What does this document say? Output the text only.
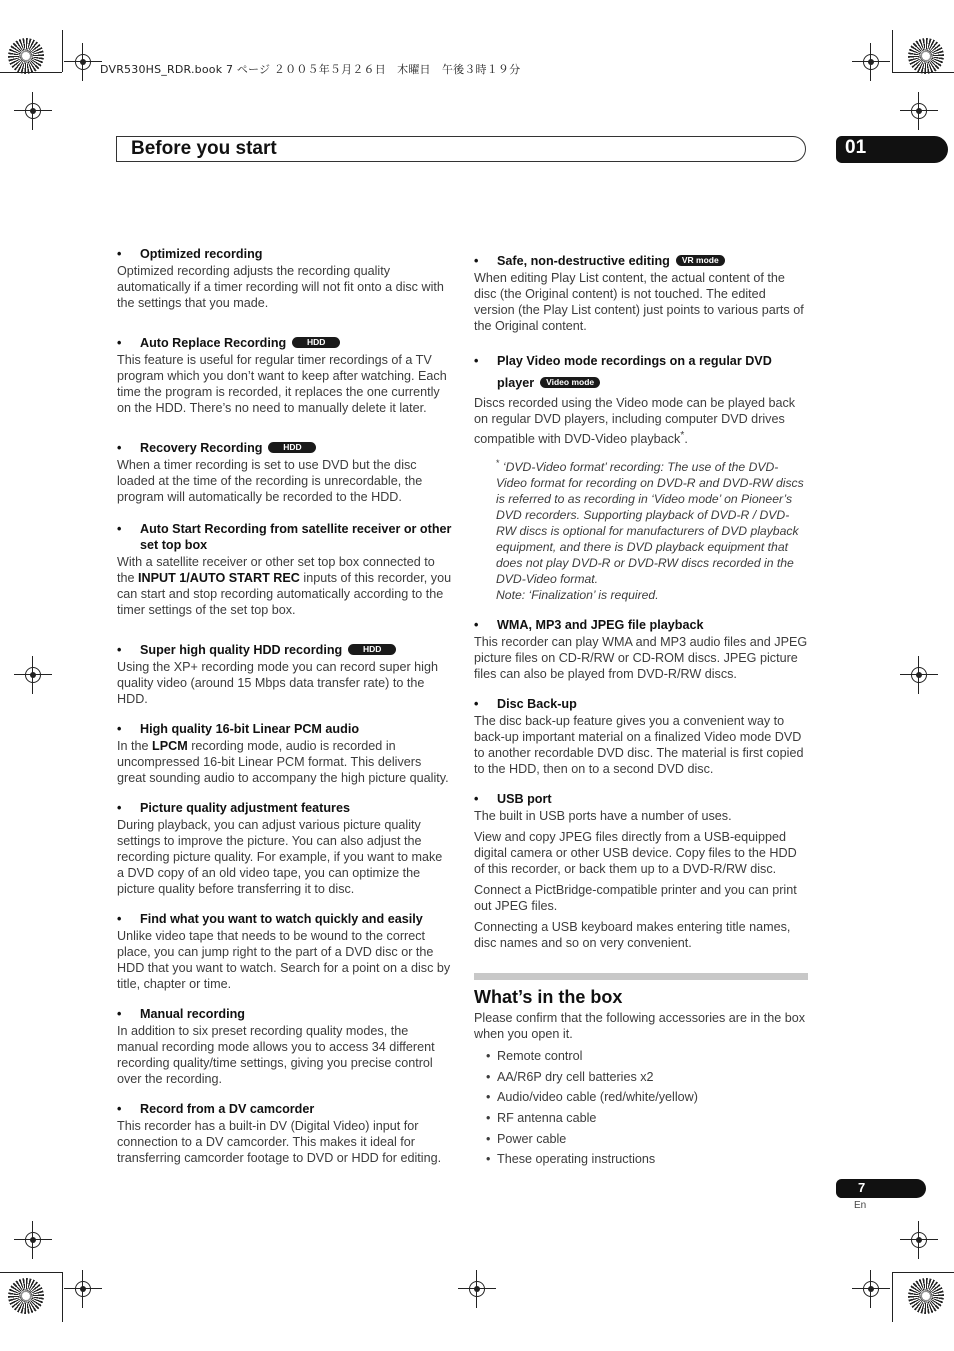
DVR530HS_RDR.book 7 ページ ２００５年５月２６日　木曜日　午後３時１９分
Before you start	01
• Optimized recording
Optimized recording adjusts the recording quality automatically if a timer recording will not fit onto a disc with the settings that you made.
• Auto Replace Recording HDD
This feature is useful for regular timer recordings of a TV program which you don’t want to keep after watching. Each time the program is recorded, it replaces the one currently on the HDD. There’s no need to manually delete it later.
• Recovery Recording HDD
When a timer recording is set to use DVD but the disc loaded at the time of the recording is unrecordable, the program will automatically be recorded to the HDD.
• Auto Start Recording from satellite receiver or other set top box
With a satellite receiver or other set top box connected to the INPUT 1/AUTO START REC inputs of this recorder, you can start and stop recording automatically according to the timer settings of the set top box.
• Super high quality HDD recording HDD
Using the XP+ recording mode you can record super high quality video (around 15 Mbps data transfer rate) to the HDD.
• High quality 16-bit Linear PCM audio
In the LPCM recording mode, audio is recorded in uncompressed 16-bit Linear PCM format. This delivers great sounding audio to accompany the high picture quality.
• Picture quality adjustment features
During playback, you can adjust various picture quality settings to improve the picture. You can also adjust the recording picture quality. For example, if you want to make a DVD copy of an old video tape, you can optimize the picture quality before transferring it to disc.
• Find what you want to watch quickly and easily
Unlike video tape that needs to be wound to the correct place, you can jump right to the part of a DVD disc or the HDD that you want to watch. Search for a point on a disc by title, chapter or time.
• Manual recording
In addition to six preset recording quality modes, the manual recording mode allows you to access 34 different recording quality/time settings, giving you precise control over the recording.
• Record from a DV camcorder
This recorder has a built-in DV (Digital Video) input for connection to a DV camcorder. This makes it ideal for transferring camcorder footage to DVD or HDD for editing.
• Safe, non-destructive editing VR mode
When editing Play List content, the actual content of the disc (the Original content) is not touched. The edited version (the Play List content) just points to various parts of the Original content.
• Play Video mode recordings on a regular DVD player Video mode
Discs recorded using the Video mode can be played back on regular DVD players, including computer DVD drives compatible with DVD-Video playback*.
* ‘DVD-Video format’ recording: The use of the DVD-Video format for recording on DVD-R and DVD-RW discs is referred to as recording in ‘Video mode’ on Pioneer’s DVD recorders. Supporting playback of DVD-R / DVD-RW discs is optional for manufacturers of DVD playback equipment, and there is DVD playback equipment that does not play DVD-R or DVD-RW discs recorded in the DVD-Video format.
Note: ‘Finalization’ is required.
• WMA, MP3 and JPEG file playback
This recorder can play WMA and MP3 audio files and JPEG picture files on CD-R/RW or CD-ROM discs. JPEG picture files can also be played from DVD-R/RW discs.
• Disc Back-up
The disc back-up feature gives you a convenient way to back-up important material on a finalized Video mode DVD to another recordable DVD disc. The material is first copied to the HDD, then on to a second DVD disc.
• USB port

The built in USB ports have a number of uses.

View and copy JPEG files directly from a USB-equipped digital camera or other USB device. Copy files to the HDD of this recorder, or back them up to a DVD-R/RW disc.

Connect a PictBridge-compatible printer and you can print out JPEG files.

Connecting a USB keyboard makes entering title names, disc names and so on very convenient.

What’s in the box
Please confirm that the following accessories are in the box when you open it.
• Remote control
• AA/R6P dry cell batteries x2
• Audio/video cable (red/white/yellow)
• RF antenna cable
• Power cable
• These operating instructions
7
En
